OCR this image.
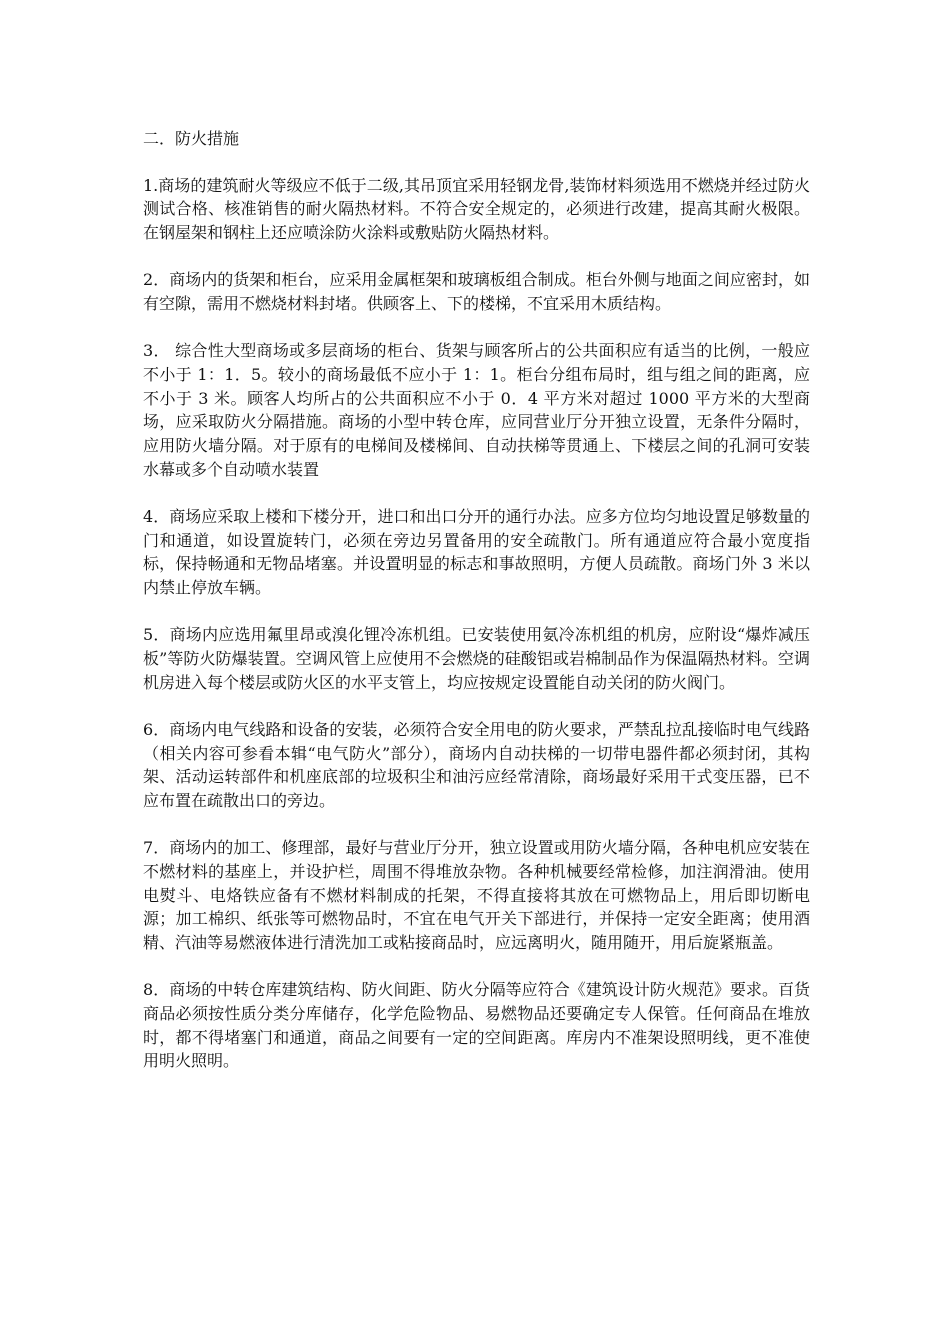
二．防火措施

1.商场的建筑耐火等级应不低于二级,其吊顶宜采用轻钢龙骨,装饰材料须选用不燃烧并经过防火测试合格、核准销售的耐火隔热材料。不符合安全规定的，必须进行改建，提高其耐火极限。在钢屋架和钢柱上还应喷涂防火涂料或敷贴防火隔热材料。

2．商场内的货架和柜台，应采用金属框架和玻璃板组合制成。柜台外侧与地面之间应密封，如有空隙，需用不燃烧材料封堵。供顾客上、下的楼梯，不宜采用木质结构。

3． 综合性大型商场或多层商场的柜台、货架与顾客所占的公共面积应有适当的比例，一般应不小于 1：1．5。较小的商场最低不应小于 1：1。柜台分组布局时，组与组之间的距离，应不小于 3 米。顾客人均所占的公共面积应不小于 0．4 平方米对超过 1000 平方米的大型商场，应采取防火分隔措施。商场的小型中转仓库，应同营业厅分开独立设置，无条件分隔时，应用防火墙分隔。对于原有的电梯间及楼梯间、自动扶梯等贯通上、下楼层之间的孔洞可安装水幕或多个自动喷水装置

4．商场应采取上楼和下楼分开，进口和出口分开的通行办法。应多方位均匀地设置足够数量的门和通道，如设置旋转门，必须在旁边另置备用的安全疏散门。所有通道应符合最小宽度指标，保持畅通和无物品堵塞。并设置明显的标志和事故照明，方便人员疏散。商场门外 3 米以内禁止停放车辆。

5．商场内应选用氟里昂或溴化锂冷冻机组。已安装使用氨冷冻机组的机房，应附设“爆炸减压板”等防火防爆装置。空调风管上应使用不会燃烧的硅酸铝或岩棉制品作为保温隔热材料。空调机房进入每个楼层或防火区的水平支管上，均应按规定设置能自动关闭的防火阀门。

6．商场内电气线路和设备的安装，必须符合安全用电的防火要求，严禁乱拉乱接临时电气线路（相关内容可参看本辑“电气防火”部分），商场内自动扶梯的一切带电器件都必须封闭，其构架、活动运转部件和机座底部的垃圾积尘和油污应经常清除，商场最好采用干式变压器，已不应布置在疏散出口的旁边。

7．商场内的加工、修理部，最好与营业厅分开，独立设置或用防火墙分隔，各种电机应安装在不燃材料的基座上，并设护栏，周围不得堆放杂物。各种机械要经常检修，加注润滑油。使用电熨斗、电烙铁应备有不燃材料制成的托架，不得直接将其放在可燃物品上，用后即切断电源；加工棉织、纸张等可燃物品时，不宜在电气开关下部进行，并保持一定安全距离；使用酒精、汽油等易燃液体进行清洗加工或粘接商品时，应远离明火，随用随开，用后旋紧瓶盖。

8．商场的中转仓库建筑结构、防火间距、防火分隔等应符合《建筑设计防火规范》要求。百货商品必须按性质分类分库储存，化学危险物品、易燃物品还要确定专人保管。任何商品在堆放时，都不得堵塞门和通道，商品之间要有一定的空间距离。库房内不准架设照明线，更不准使用明火照明。
